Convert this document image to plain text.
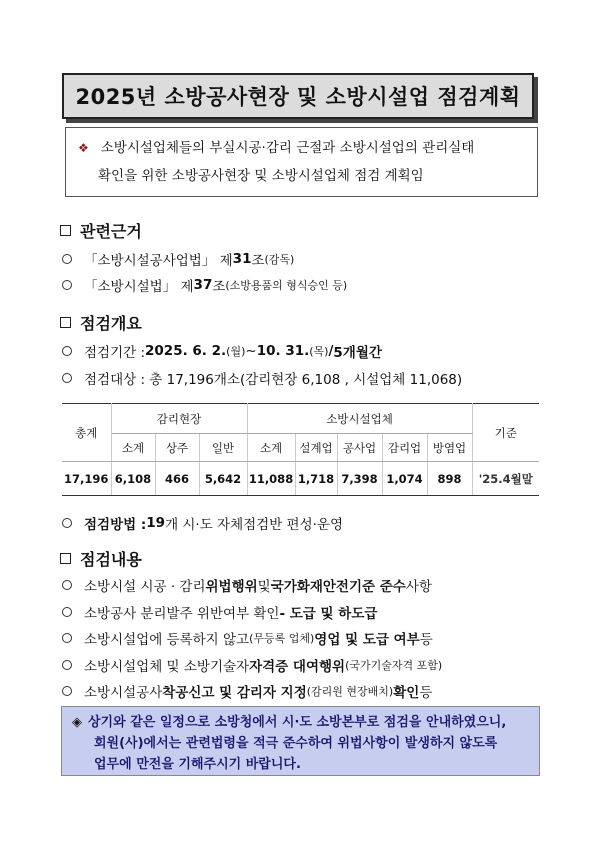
2025년 소방공사현장 및 소방시설업 점검계획
❖ 소방시설업체들의 부실시공·감리 근절과 소방시설업의 관리실태
확인을 위한 소방공사현장 및 소방시설업체 점검 계획임
관련근거
「소방시설공사업법」 제 31 조 (감독)
「소방시설법」 제 37 조 (소방용품의 형식승인 등)
점검개요
점검기간 : 2025. 6. 2. (월) ~ 10. 31. (목) / 5개월간
점검대상 : 총 17,196개소(감리현장 6,108 , 시설업체 11,068)
총계	감리현장			소방시설업체					기준
	소계	상주	일반	소계	설계업	공사업	감리업	방염업	
17,196	6,108	466	5,642	11,088	1,718	7,398	1,074	898	'25.4월말
점검방법 : 19 개 시·도 자체점검반 편성·운영
점검내용
소방시설 시공 · 감리 위법행위 및 국가화재안전기준 준수 사항
소방공사 분리발주 위반여부 확인 - 도급 및 하도급
소방시설업에 등록하지 않고 (무등록 업체) 영업 및 도급 여부 등
소방시설업체 및 소방기술자 자격증 대여행위 (국가기술자격 포함)
소방시설공사 착공신고 및 감리자 지정 (감리원 현장배치) 확인 등
◈ 상기와 같은 일정으로 소방청에서 시·도 소방본부로 점검을 안내하였으니,
회원(사)에서는 관련법령을 적극 준수하여 위법사항이 발생하지 않도록
업무에 만전을 기해주시기 바랍니다.
